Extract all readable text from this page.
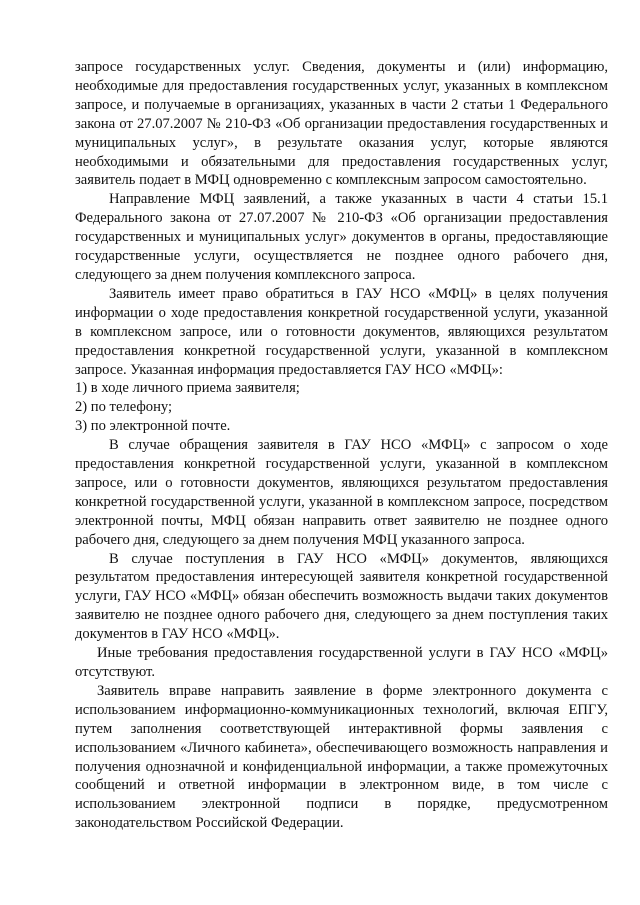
запросе государственных услуг. Сведения, документы и (или) информацию, необходимые для предоставления государственных услуг, указанных в комплексном запросе, и получаемые в организациях, указанных в части 2 статьи 1 Федерального закона от 27.07.2007 № 210-ФЗ «Об организации предоставления государственных и муниципальных услуг», в результате оказания услуг, которые являются необходимыми и обязательными для предоставления государственных услуг, заявитель подает в МФЦ одновременно с комплексным запросом самостоятельно.

Направление МФЦ заявлений, а также указанных в части 4 статьи 15.1 Федерального закона от 27.07.2007 № 210-ФЗ «Об организации предоставления государственных и муниципальных услуг» документов в органы, предоставляющие государственные услуги, осуществляется не позднее одного рабочего дня, следующего за днем получения комплексного запроса.

Заявитель имеет право обратиться в ГАУ НСО «МФЦ» в целях получения информации о ходе предоставления конкретной государственной услуги, указанной в комплексном запросе, или о готовности документов, являющихся результатом предоставления конкретной государственной услуги, указанной в комплексном запросе. Указанная информация предоставляется ГАУ НСО «МФЦ»:

1) в ходе личного приема заявителя;

2) по телефону;

3) по электронной почте.

В случае обращения заявителя в ГАУ НСО «МФЦ» с запросом о ходе предоставления конкретной государственной услуги, указанной в комплексном запросе, или о готовности документов, являющихся результатом предоставления конкретной государственной услуги, указанной в комплексном запросе, посредством электронной почты, МФЦ обязан направить ответ заявителю не позднее одного рабочего дня, следующего за днем получения МФЦ указанного запроса.

В случае поступления в ГАУ НСО «МФЦ» документов, являющихся результатом предоставления интересующей заявителя конкретной государственной услуги, ГАУ НСО «МФЦ» обязан обеспечить возможность выдачи таких документов заявителю не позднее одного рабочего дня, следующего за днем поступления таких документов в ГАУ НСО «МФЦ».

Иные требования предоставления государственной услуги в ГАУ НСО «МФЦ» отсутствуют.

Заявитель вправе направить заявление в форме электронного документа с использованием информационно-коммуникационных технологий, включая ЕПГУ, путем заполнения соответствующей интерактивной формы заявления с использованием «Личного кабинета», обеспечивающего возможность направления и получения однозначной и конфиденциальной информации, а также промежуточных сообщений и ответной информации в электронном виде, в том числе с использованием электронной подписи в порядке, предусмотренном законодательством Российской Федерации.
